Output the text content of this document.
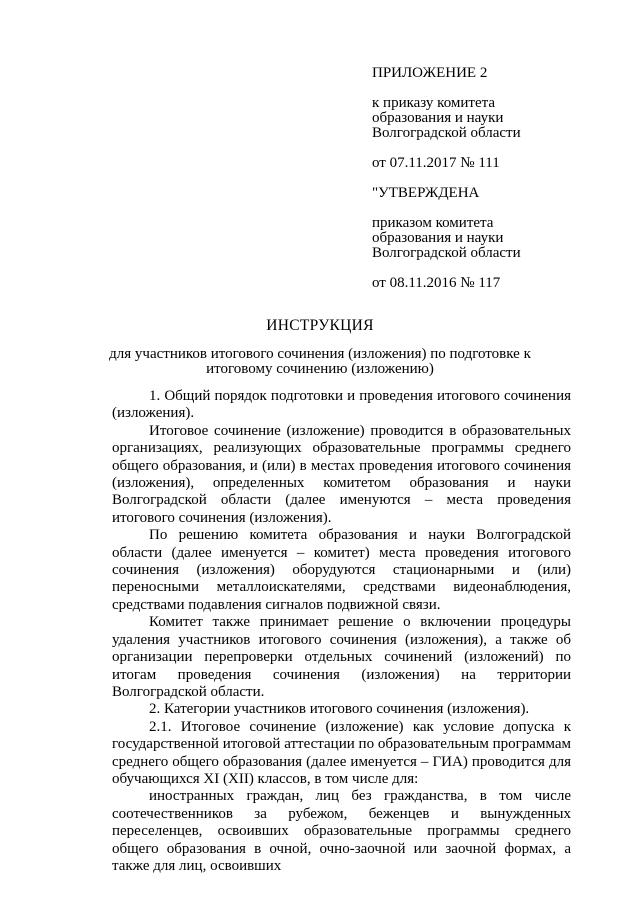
ПРИЛОЖЕНИЕ 2

к приказу комитета

образования и науки

Волгоградской области

от 07.11.2017 № 111

"УТВЕРЖДЕНА

приказом комитета

образования и науки

Волгоградской области

от 08.11.2016 № 117

ИНСТРУКЦИЯ
для участников итогового сочинения (изложения) по подготовке к
итоговому сочинению (изложению)

1. Общий порядок подготовки и проведения итогового сочинения (изложения).

Итоговое сочинение (изложение) проводится в образовательных организациях, реализующих образовательные программы среднего общего образования, и (или) в местах проведения итогового сочинения (изложения), определенных комитетом образования и науки Волгоградской области (далее именуются – места проведения итогового сочинения (изложения).

По решению комитета образования и науки Волгоградской области (далее именуется – комитет) места проведения итогового сочинения (изложения) оборудуются стационарными и (или) переносными металлоискателями, средствами видеонаблюдения, средствами подавления сигналов подвижной связи.

Комитет также принимает решение о включении процедуры удаления участников итогового сочинения (изложения), а также об организации перепроверки отдельных сочинений (изложений) по итогам проведения сочинения (изложения) на территории Волгоградской области.

2. Категории участников итогового сочинения (изложения).

2.1. Итоговое сочинение (изложение) как условие допуска к государственной итоговой аттестации по образовательным программам среднего общего образования (далее именуется – ГИА) проводится для обучающихся XI (XII) классов, в том числе для:

иностранных граждан, лиц без гражданства, в том числе соотечественников за рубежом, беженцев и вынужденных переселенцев, освоивших образовательные программы среднего общего образования в очной, очно-заочной или заочной формах, а также для лиц, освоивших
